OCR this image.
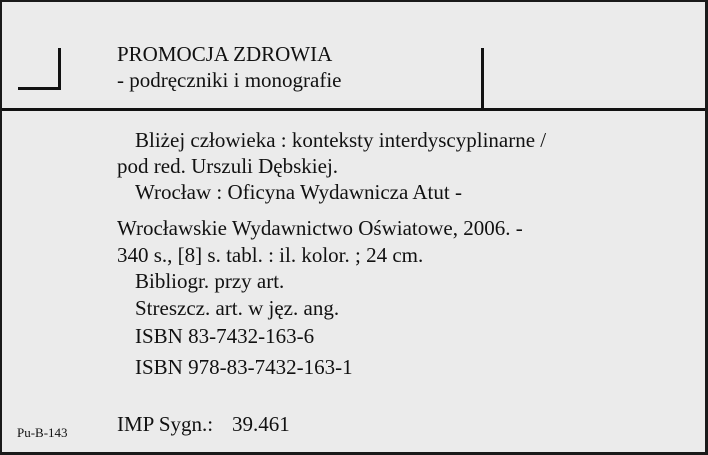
PROMOCJA ZDROWIA
- podręczniki i monografie
Bliżej człowieka : konteksty interdyscyplinarne /
pod red. Urszuli Dębskiej.
Wrocław : Oficyna Wydawnicza Atut -
Wrocławskie Wydawnictwo Oświatowe, 2006. -
340 s., [8] s. tabl. : il. kolor. ; 24 cm.
Bibliogr. przy art.
Streszcz. art. w jęz. ang.
ISBN 83-7432-163-6
ISBN 978-83-7432-163-1
Pu-B-143 IMP Sygn.: 39.461
